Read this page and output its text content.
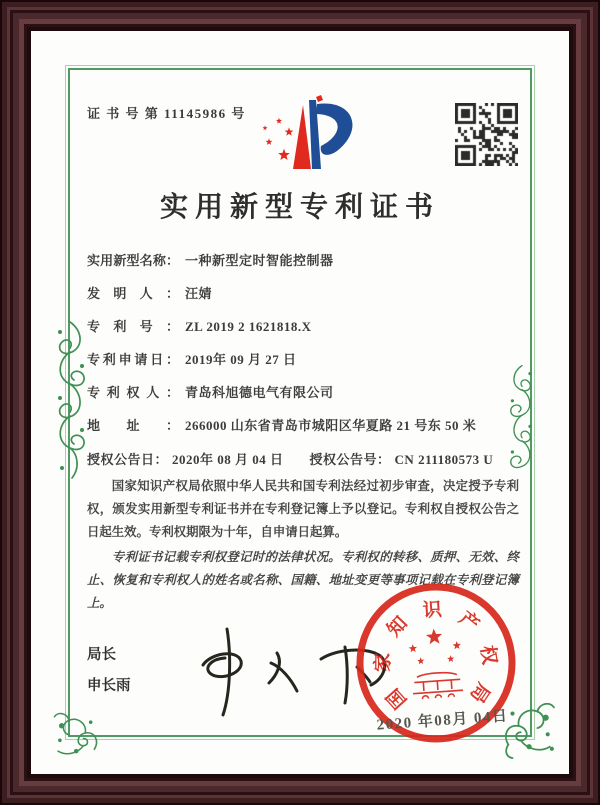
证 书 号 第 11145986 号
实用新型专利证书
实用新型名称： 一种新型定时智能控制器
发明人： 汪婧
专利号： ZL 2019 2 1621818.X
专利申请日： 2019年 09 月 27 日
专利权人： 青岛科旭德电气有限公司
地址： 266000 山东省青岛市城阳区华夏路 21 号东 50 米
授权公告日： 2020年 08 月 04 日 授权公告号： CN 211180573 U

国家知识产权局依照中华人民共和国专利法经过初步审查，决定授予专利权，颁发实用新型专利证书并在专利登记簿上予以登记。专利权自授权公告之日起生效。专利权期限为十年，自申请日起算。

专利证书记载专利权登记时的法律状况。专利权的转移、质押、无效、终止、恢复和专利权人的姓名或名称、国籍、地址变更等事项记载在专利登记簿上。

局长
申长雨	国
家
知
识 产
权
局
2020 年08月 04日
